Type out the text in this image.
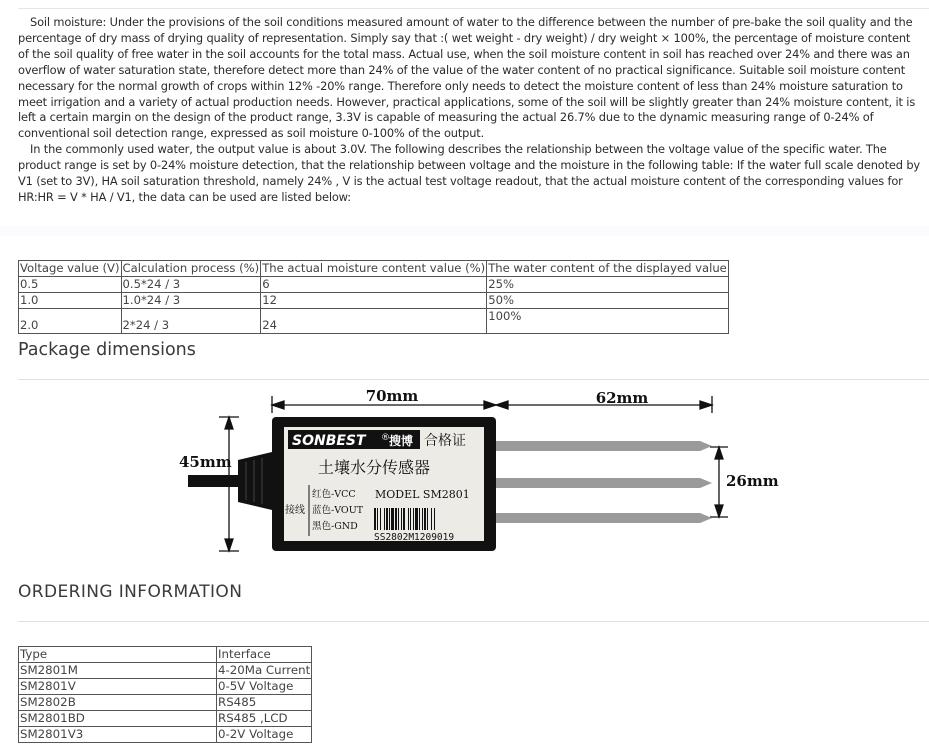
Soil moisture: Under the provisions of the soil conditions measured amount of water to the difference between the number of pre-bake the soil quality and the percentage of dry mass of drying quality of representation. Simply say that :( wet weight - dry weight) / dry weight × 100%, the percentage of moisture content of the soil quality of free water in the soil accounts for the total mass. Actual use, when the soil moisture content in soil has reached over 24% and there was an overflow of water saturation state, therefore detect more than 24% of the value of the water content of no practical significance. Suitable soil moisture content necessary for the normal growth of crops within 12% -20% range. Therefore only needs to detect the moisture content of less than 24% moisture saturation to meet irrigation and a variety of actual production needs. However, practical applications, some of the soil will be slightly greater than 24% moisture content, it is left a certain margin on the design of the product range, 3.3V is capable of measuring the actual 26.7% due to the dynamic measuring range of 0-24% of conventional soil detection range, expressed as soil moisture 0-100% of the output.

In the commonly used water, the output value is about 3.0V. The following describes the relationship between the voltage value of the specific water. The product range is set by 0-24% moisture detection, that the relationship between voltage and the moisture in the following table: If the water full scale denoted by V1 (set to 3V), HA soil saturation threshold, namely 24% , V is the actual test voltage readout, that the actual moisture content of the corresponding values for HR:HR = V * HA / V1, the data can be used are listed below:

Voltage value (V)	Calculation process (%)	The actual moisture content value (%)	The water content of the displayed value
0.5	0.5*24 / 3	6	25%
1.0	1.0*24 / 3	12	50%
2.0	2*24 / 3	24	100%
Package dimensions
70mm	62mm
45mm
26mm
SONBEST ® 搜博 合格证
土壤水分传感器
接线
红色-VCC
蓝色-VOUT
黑色-GND
MODEL SM2801
SS2802M1209019
ORDERING INFORMATION
Type	Interface
SM2801M	4-20Ma Current
SM2801V	0-5V Voltage
SM2802B	RS485
SM2801BD	RS485 ,LCD
SM2801V3	0-2V Voltage
